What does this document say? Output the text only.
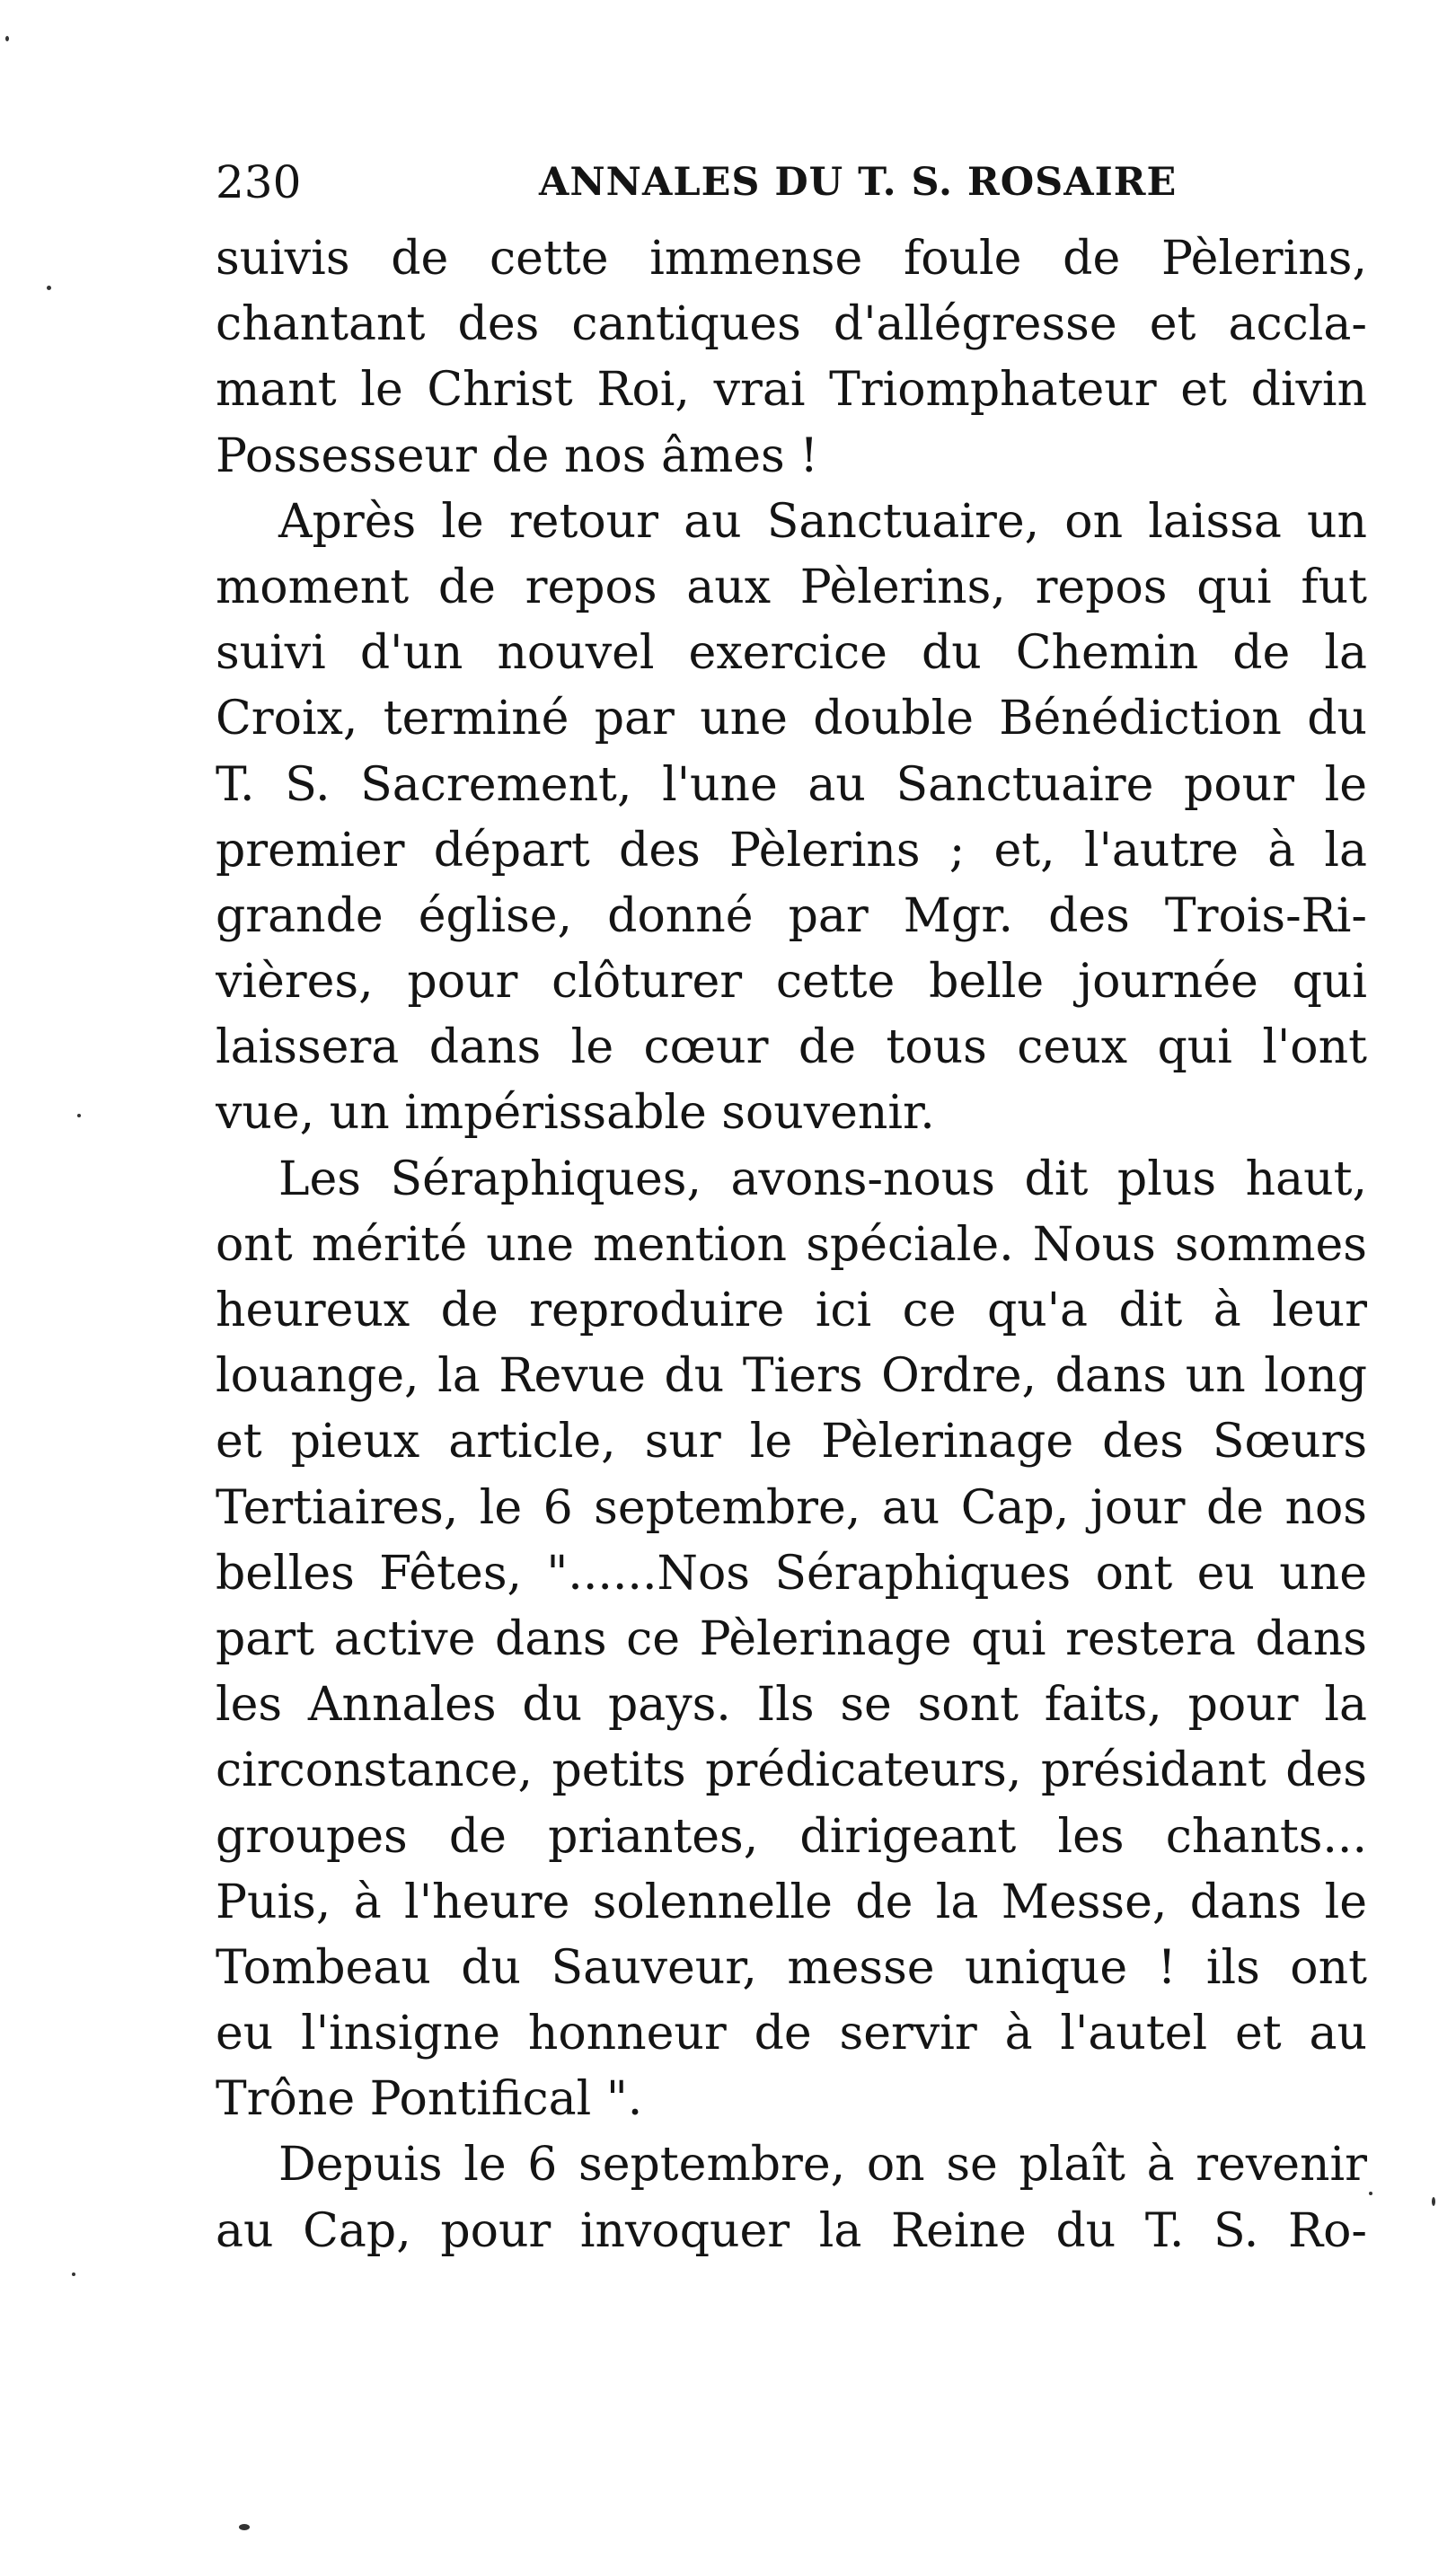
230	ANNALES DU T. S. ROSAIRE
suivis de cette immense foule de Pèlerins,
chantant des cantiques d'allégresse et accla-
mant le Christ Roi, vrai Triomphateur et divin
Possesseur de nos âmes !
Après le retour au Sanctuaire, on laissa un
moment de repos aux Pèlerins, repos qui fut
suivi d'un nouvel exercice du Chemin de la
Croix, terminé par une double Bénédiction du
T. S. Sacrement, l'une au Sanctuaire pour le
premier départ des Pèlerins ; et, l'autre à la
grande église, donné par Mgr. des Trois-Ri-
vières, pour clôturer cette belle journée qui
laissera dans le cœur de tous ceux qui l'ont
vue, un impérissable souvenir.
Les Séraphiques, avons-nous dit plus haut,
ont mérité une mention spéciale. Nous sommes
heureux de reproduire ici ce qu'a dit à leur
louange, la Revue du Tiers Ordre, dans un long
et pieux article, sur le Pèlerinage des Sœurs
Tertiaires, le 6 septembre, au Cap, jour de nos
belles Fêtes, "......Nos Séraphiques ont eu une
part active dans ce Pèlerinage qui restera dans
les Annales du pays. Ils se sont faits, pour la
circonstance, petits prédicateurs, présidant des
groupes de priantes, dirigeant les chants...
Puis, à l'heure solennelle de la Messe, dans le
Tombeau du Sauveur, messe unique ! ils ont
eu l'insigne honneur de servir à l'autel et au
Trône Pontifical ".
Depuis le 6 septembre, on se plaît à revenir
au Cap, pour invoquer la Reine du T. S. Ro-
